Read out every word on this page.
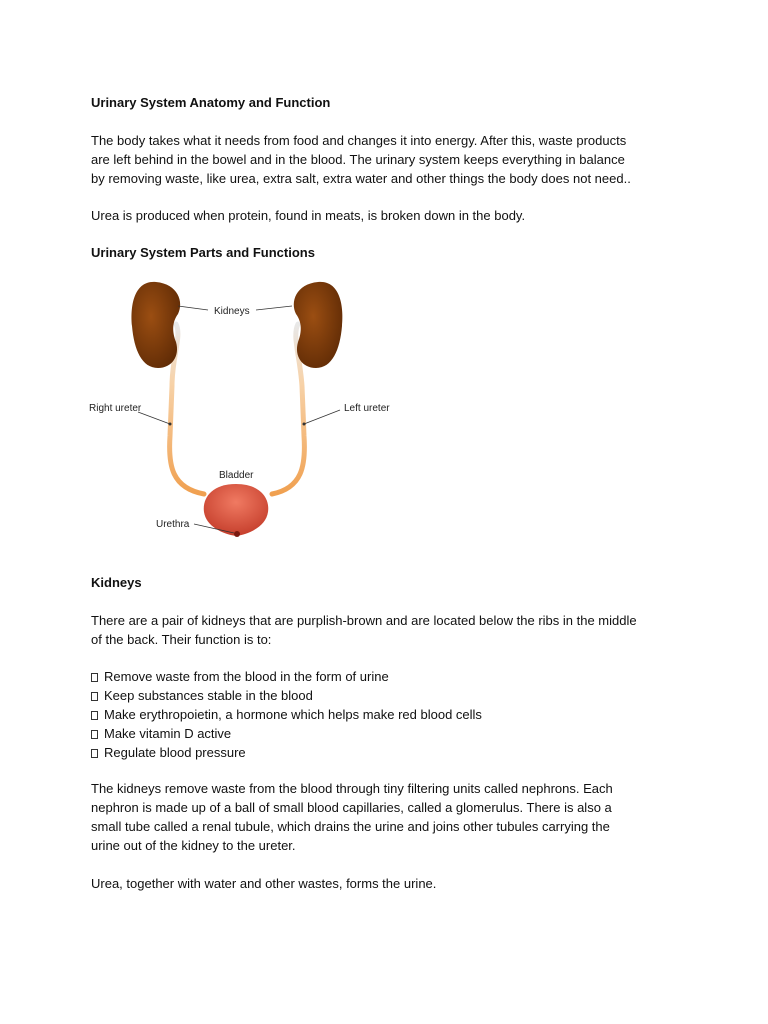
Urinary System Anatomy and Function
The body takes what it needs from food and changes it into energy. After this, waste products
are left behind in the bowel and in the blood. The urinary system keeps everything in balance
by removing waste, like urea, extra salt, extra water and other things the body does not need..
Urea is produced when protein, found in meats, is broken down in the body.
Urinary System Parts and Functions
Kidneys
Right ureter	Left ureter
Bladder
Urethra
Kidneys
There are a pair of kidneys that are purplish-brown and are located below the ribs in the middle
of the back. Their function is to:
Remove waste from the blood in the form of urine
Keep substances stable in the blood
Make erythropoietin, a hormone which helps make red blood cells
Make vitamin D active
Regulate blood pressure
The kidneys remove waste from the blood through tiny filtering units called nephrons. Each
nephron is made up of a ball of small blood capillaries, called a glomerulus. There is also a
small tube called a renal tubule, which drains the urine and joins other tubules carrying the
urine out of the kidney to the ureter.
Urea, together with water and other wastes, forms the urine.
